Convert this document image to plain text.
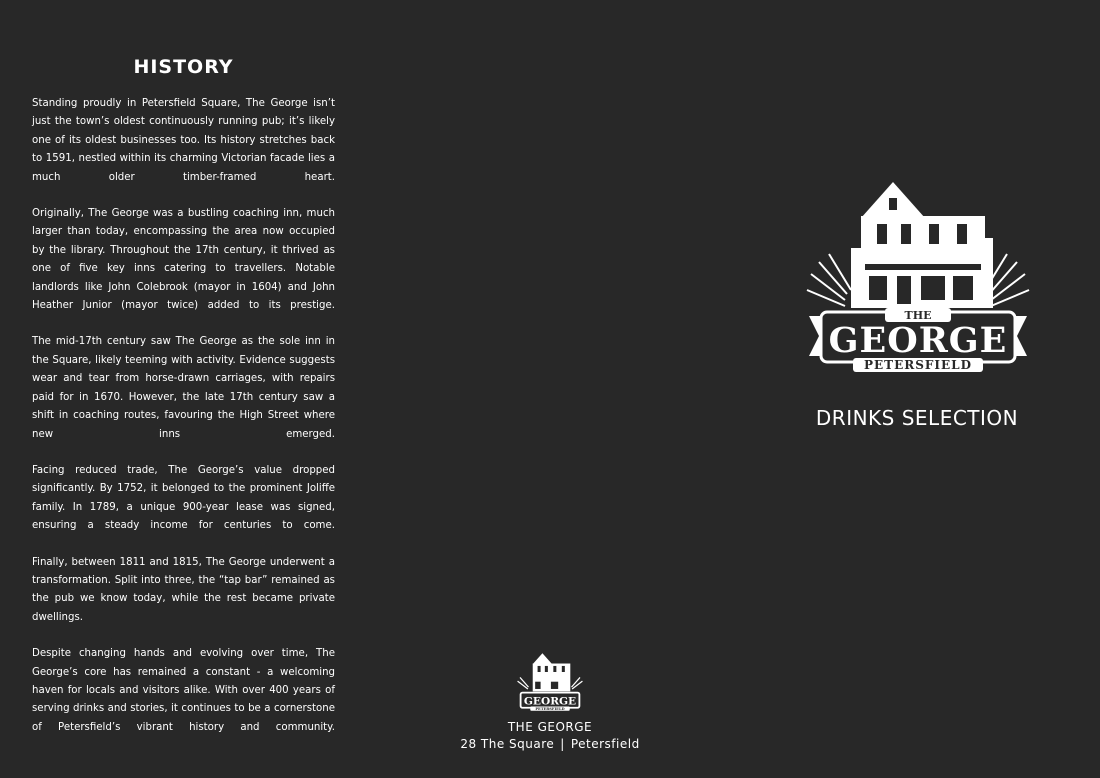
HISTORY

Standing proudly in Petersfield Square, The George isn’t just the town’s oldest continuously running pub; it’s likely one of its oldest businesses too. Its history stretches back to 1591, nestled within its charming Victorian facade lies a much older timber-framed heart.

Originally, The George was a bustling coaching inn, much larger than today, encompassing the area now occupied by the library. Throughout the 17th century, it thrived as one of five key inns catering to travellers. Notable landlords like John Colebrook (mayor in 1604) and John Heather Junior (mayor twice) added to its prestige.

The mid-17th century saw The George as the sole inn in the Square, likely teeming with activity. Evidence suggests wear and tear from horse-drawn carriages, with repairs paid for in 1670. However, the late 17th century saw a shift in coaching routes, favouring the High Street where new inns emerged.

Facing reduced trade, The George’s value dropped significantly. By 1752, it belonged to the prominent Joliffe family. In 1789, a unique 900-year lease was signed, ensuring a steady income for centuries to come.

Finally, between 1811 and 1815, The George underwent a transformation. Split into three, the “tap bar” remained as the pub we know today, while the rest became private dwellings.

Despite changing hands and evolving over time, The George’s core has remained a constant - a welcoming haven for locals and visitors alike. With over 400 years of serving drinks and stories, it continues to be a cornerstone of Petersfield’s vibrant history and community.

THE
GEORGE
PETERSFIELD
DRINKS SELECTION
GEORGE
PETERSFIELD
THE GEORGE
28 The Square | Petersfield
